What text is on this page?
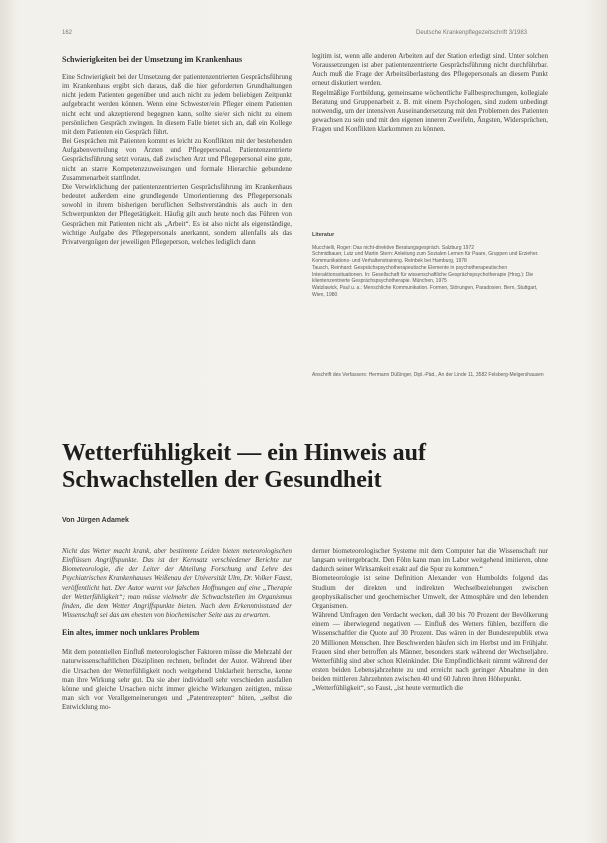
162	Deutsche Krankenpflegezeitschrift 3/1983
Schwierigkeiten bei der Umsetzung im Krankenhaus

Eine Schwierigkeit bei der Umsetzung der patientenzentrierten Gesprächsführung im Krankenhaus ergibt sich daraus, daß die hier geforderten Grundhaltungen nicht jedem Patienten gegenüber und auch nicht zu jedem beliebigen Zeitpunkt aufgebracht werden können. Wenn eine Schwester/ein Pfleger einem Patienten nicht echt und akzeptierend begegnen kann, sollte sie/er sich nicht zu einem persönlichen Gespräch zwingen. In diesem Falle bietet sich an, daß ein Kollege mit dem Patienten ein Gespräch führt.

Bei Gesprächen mit Patienten kommt es leicht zu Konflikten mit der bestehenden Aufgabenverteilung von Ärzten und Pflegepersonal. Patientenzentrierte Gesprächsführung setzt voraus, daß zwischen Arzt und Pflegepersonal eine gute, nicht an starre Kompetenzzuweisungen und formale Hierarchie gebundene Zusammenarbeit stattfindet.

Die Verwirklichung der patientenzentrierten Gesprächsführung im Krankenhaus bedeutet außerdem eine grundlegende Umorientierung des Pflegepersonals sowohl in ihrem bisherigen beruflichen Selbstverständnis als auch in den Schwerpunkten der Pflegetätigkeit. Häufig gilt auch heute noch das Führen von Gesprächen mit Patienten nicht als „Arbeit“. Es ist also nicht als eigenständige, wichtige Aufgabe des Pflegepersonals anerkannt, sondern allenfalls als das Privatvergnügen der jeweiligen Pflegeperson, welches lediglich dann

legitim ist, wenn alle anderen Arbeiten auf der Station erledigt sind. Unter solchen Voraussetzungen ist aber patientenzentrierte Gesprächsführung nicht durchführbar. Auch muß die Frage der Arbeitsüberlastung des Pflegepersonals an diesem Punkt erneut diskutiert werden.

Regelmäßige Fortbildung, gemeinsame wöchentliche Fallbesprechungen, kollegiale Beratung und Gruppenarbeit z. B. mit einem Psychologen, sind zudem unbedingt notwendig, um der intensiven Auseinandersetzung mit den Problemen des Patienten gewachsen zu sein und mit den eigenen inneren Zweifeln, Ängsten, Widersprüchen, Fragen und Konflikten klarkommen zu können.

Literatur

Mucchielli, Roger: Das nicht-direktive Beratungsgespräch. Salzburg 1972

Schmidbauer, Lutz und Martin Stern: Anleitung zum Sozialen Lernen für Paare, Gruppen und Erzieher. Kommunikations- und Verhaltenstraining. Reinbek bei Hamburg, 1978

Tausch, Reinhard: Gesprächspsychotherapeutische Elemente in psychotherapeutischen Interaktionssituationen. In: Gesellschaft für wissenschaftliche Gesprächspsychotherapie (Hrsg.): Die klientenzentrierte Gesprächspsychotherapie. München, 1975

Watzlawick, Paul u. a.: Menschliche Kommunikation. Formen, Störungen, Paradoxien. Bern, Stuttgart, Wien, 1980

Anschrift des Verfassers: Hermann Düßinger, Dipl.-Päd., An der Linde 11, 3582 Felsberg-Melgershausen
Wetterfühligkeit — ein Hinweis auf Schwachstellen der Gesundheit
Von Jürgen Adamek

Nicht das Wetter macht krank, aber bestimmte Leiden bieten meteorologischen Einflüssen Angriffspunkte. Das ist der Kernsatz verschiedener Berichte zur Biometeorologie, die der Leiter der Abteilung Forschung und Lehre des Psychiatrischen Krankenhauses Weißenau der Universität Ulm, Dr. Volker Faust, veröffentlicht hat. Der Autor warnt vor falschen Hoffnungen auf eine „Therapie der Wetterfühligkeit“; man müsse vielmehr die Schwachstellen im Organismus finden, die dem Wetter Angriffspunkte bieten. Nach dem Erkenntnisstand der Wissenschaft sei das am ehesten von biochemischer Seite aus zu erwarten.

Ein altes, immer noch unklares Problem

Mit dem potentiellen Einfluß meteorologischer Faktoren müsse die Mehrzahl der naturwissenschaftlichen Disziplinen rechnen, befindet der Autor. Während über die Ursachen der Wetterfühligkeit noch weitgehend Unklarheit herrsche, kenne man ihre Wirkung sehr gut. Da sie aber individuell sehr verschieden ausfallen könne und gleiche Ursachen nicht immer gleiche Wirkungen zeitigten, müsse man sich vor Verallgemeinerungen und „Patentrezepten“ hüten, „selbst die Entwicklung mo-

derner biometeorologischer Systeme mit dem Computer hat die Wissenschaft nur langsam weitergebracht. Den Föhn kann man im Labor weitgehend imitieren, ohne dadurch seiner Wirksamkeit exakt auf die Spur zu kommen.“

Biometeorologie ist seine Definition Alexander von Humboldts folgend das Studium der direkten und indirekten Wechselbeziehungen zwischen geophysikalischer und geochemischer Umwelt, der Atmosphäre und den lebenden Organismen.

Während Umfragen den Verdacht wecken, daß 30 bis 70 Prozent der Bevölkerung einem — überwiegend negativen — Einfluß des Wetters fühlen, beziffern die Wissenschaftler die Quote auf 30 Prozent. Das wären in der Bundesrepublik etwa 20 Millionen Menschen. Ihre Beschwerden häufen sich im Herbst und im Frühjahr. Frauen sind eher betroffen als Männer, besonders stark während der Wechseljahre. Wetterfühlig sind aber schon Kleinkinder. Die Empfindlichkeit nimmt während der ersten beiden Lebensjahrzehnte zu und erreicht nach geringer Abnahme in den beiden mittleren Jahrzehnten zwischen 40 und 60 Jahren ihren Höhepunkt.

„Wetterfühligkeit“, so Faust, „ist heute vermutlich die
